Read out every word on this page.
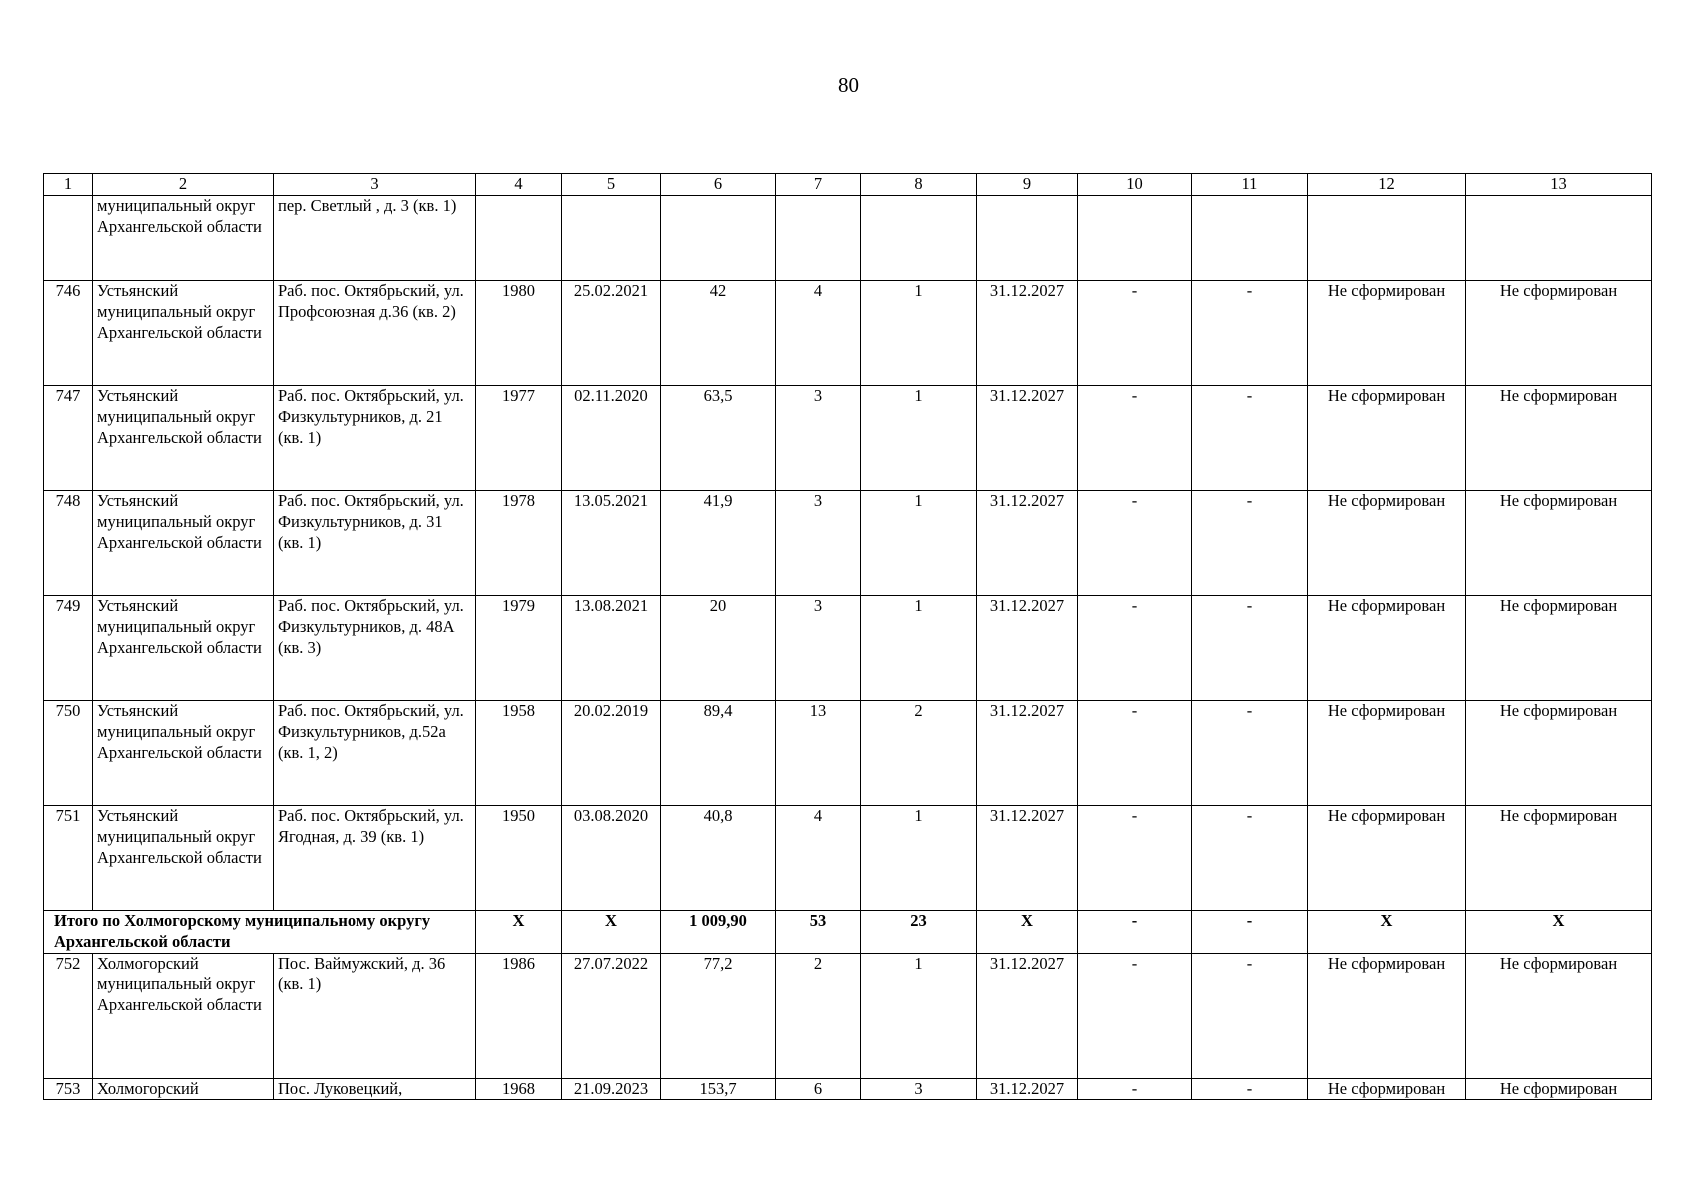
80
1	2	3	4	5	6	7	8	9	10	11	12	13
	муниципальный округ Архангельской области	пер. Светлый , д. 3 (кв. 1)										
746	Устьянский муниципальный округ Архангельской области	Раб. пос. Октябрьский, ул. Профсоюзная д.36 (кв. 2)	1980	25.02.2021	42	4	1	31.12.2027	-	-	Не сформирован	Не сформирован
747	Устьянский муниципальный округ Архангельской области	Раб. пос. Октябрьский, ул. Физкультурников, д. 21 (кв. 1)	1977	02.11.2020	63,5	3	1	31.12.2027	-	-	Не сформирован	Не сформирован
748	Устьянский муниципальный округ Архангельской области	Раб. пос. Октябрьский, ул. Физкультурников, д. 31 (кв. 1)	1978	13.05.2021	41,9	3	1	31.12.2027	-	-	Не сформирован	Не сформирован
749	Устьянский муниципальный округ Архангельской области	Раб. пос. Октябрьский, ул. Физкультурников, д. 48А (кв. 3)	1979	13.08.2021	20	3	1	31.12.2027	-	-	Не сформирован	Не сформирован
750	Устьянский муниципальный округ Архангельской области	Раб. пос. Октябрьский, ул. Физкультурников, д.52а (кв. 1, 2)	1958	20.02.2019	89,4	13	2	31.12.2027	-	-	Не сформирован	Не сформирован
751	Устьянский муниципальный округ Архангельской области	Раб. пос. Октябрьский, ул. Ягодная, д. 39 (кв. 1)	1950	03.08.2020	40,8	4	1	31.12.2027	-	-	Не сформирован	Не сформирован
Итого по Холмогорскому муниципальному округу Архангельской области			X	X	1 009,90	53	23	X	-	-	X	X
752	Холмогорский муниципальный округ Архангельской области	Пос. Ваймужский, д. 36 (кв. 1)	1986	27.07.2022	77,2	2	1	31.12.2027	-	-	Не сформирован	Не сформирован
753	Холмогорский	Пос. Луковецкий,	1968	21.09.2023	153,7	6	3	31.12.2027	-	-	Не сформирован	Не сформирован
